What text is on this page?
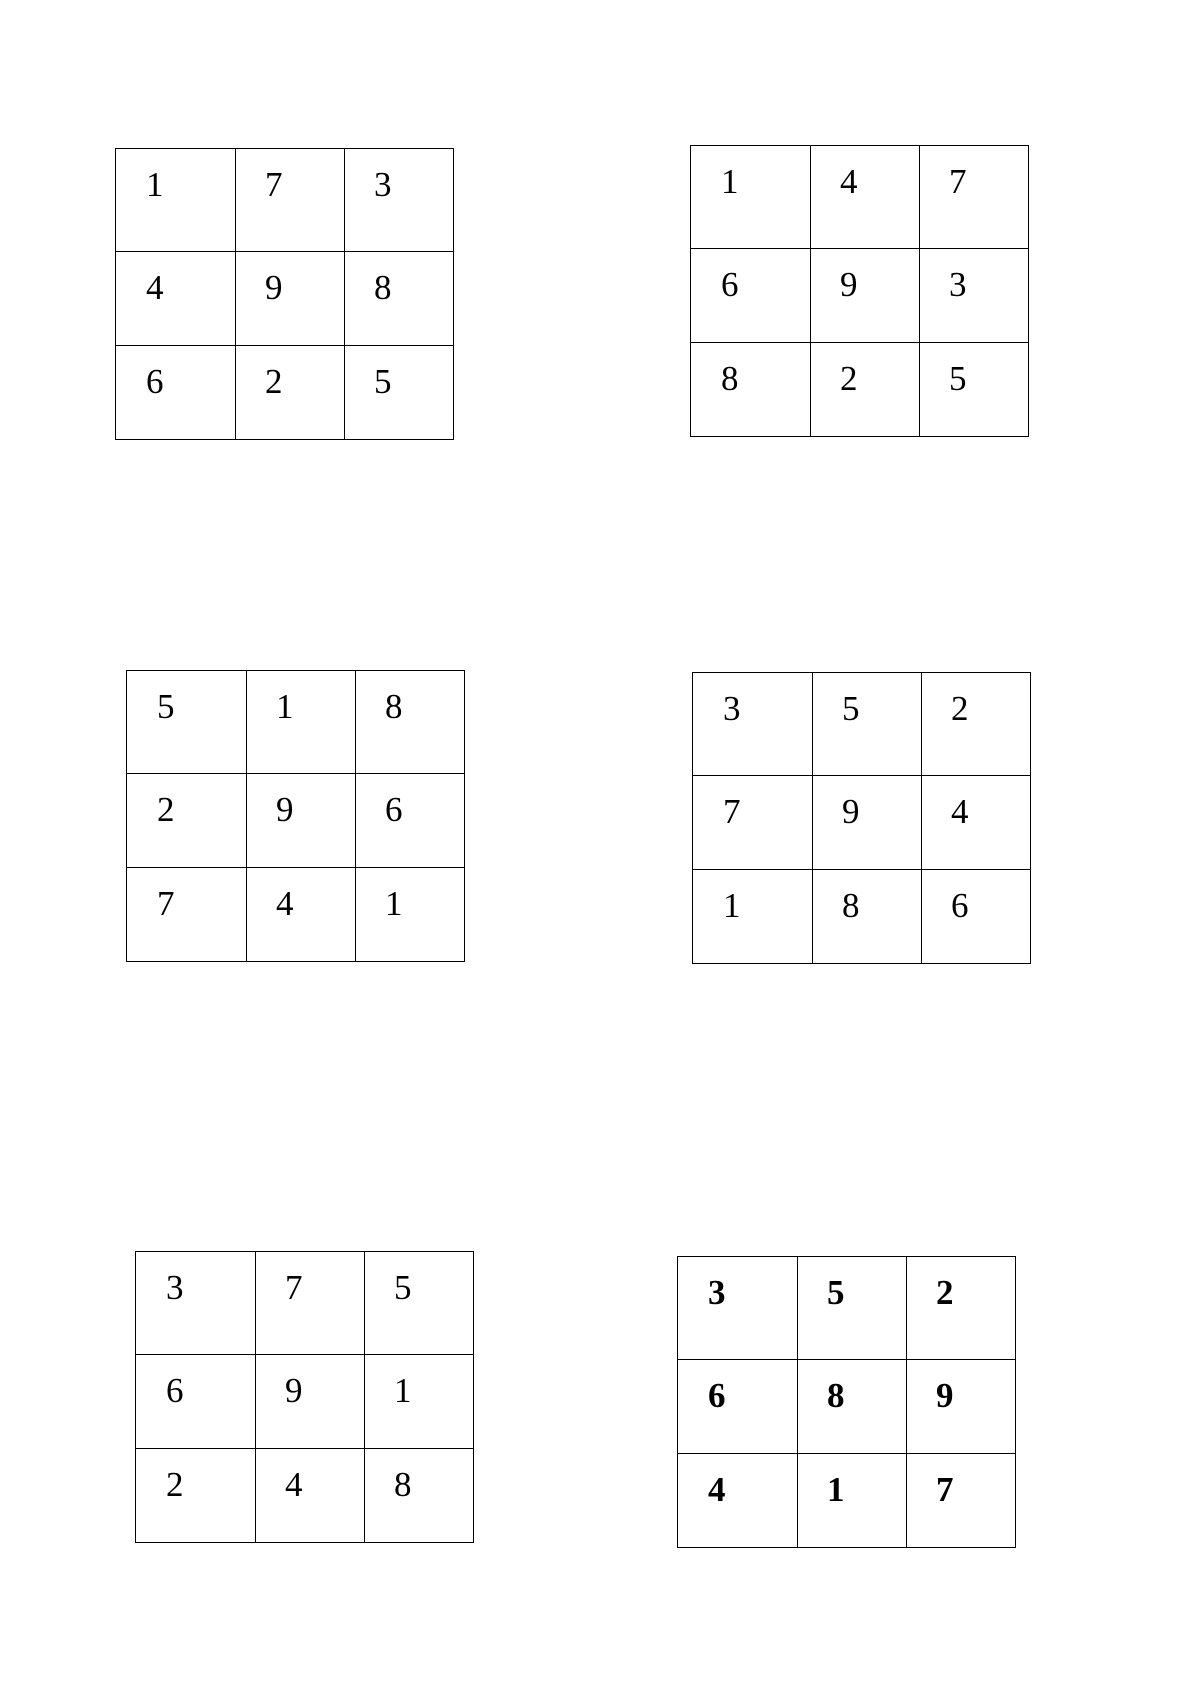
1	7	3
4	9	8
6	2	5
1	4	7
6	9	3
8	2	5
5	1	8
2	9	6
7	4	1
3	5	2
7	9	4
1	8	6
3	7	5
6	9	1
2	4	8
3	5	2
6	8	9
4	1	7
